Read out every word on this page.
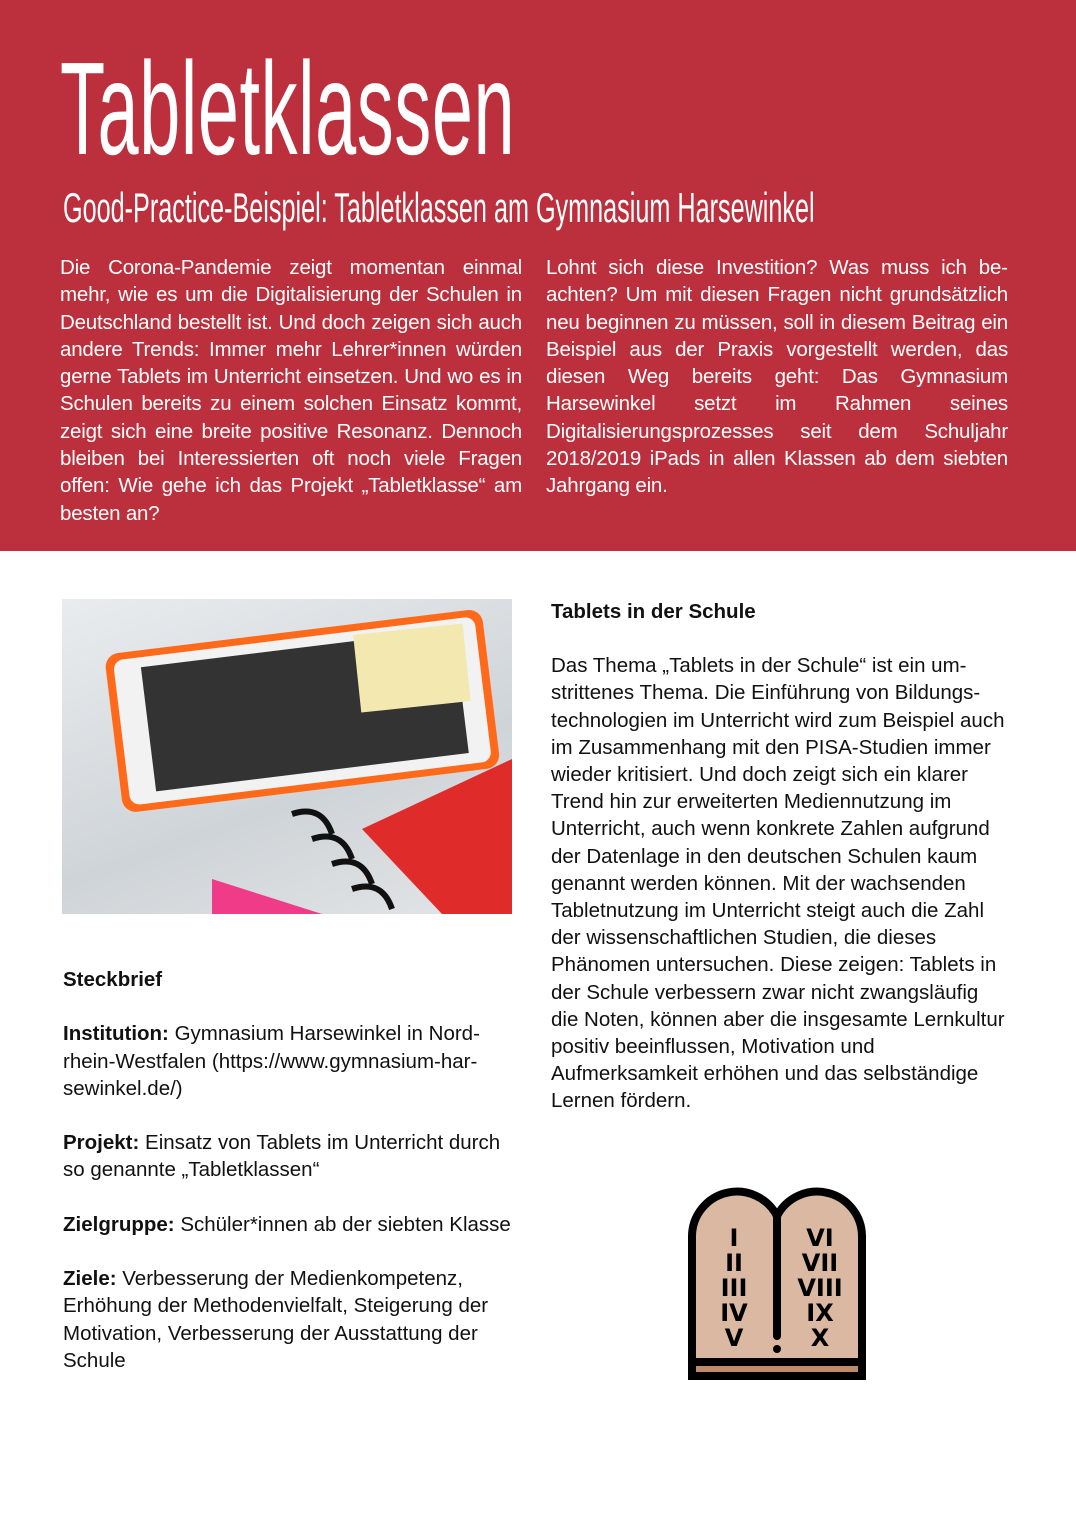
Tabletklassen
Good-Practice-Beispiel: Tabletklassen am Gymnasium Harsewinkel

Die Corona-Pandemie zeigt momentan einmal mehr, wie es um die Digitalisierung der Schulen in Deutschland bestellt ist. Und doch zeigen sich auch andere Trends: Immer mehr Lehrer*innen würden gerne Tablets im Unterricht einsetzen. Und wo es in Schulen bereits zu einem solchen Einsatz kommt, zeigt sich eine breite positive Resonanz. Dennoch bleiben bei Interessierten oft noch viele Fragen offen: Wie gehe ich das Projekt „Tabletklasse“ am besten an?

Lohnt sich diese Investition? Was muss ich beachten? Um mit diesen Fragen nicht grundsätzlich neu beginnen zu müssen, soll in diesem Beitrag ein Beispiel aus der Praxis vorgestellt werden, das diesen Weg bereits geht: Das Gymnasium Harsewinkel setzt im Rahmen seines Digitalisierungsprozesses seit dem Schuljahr 2018/2019 iPads in allen Klassen ab dem siebten Jahrgang ein.

Tablets in der Schule

Das Thema „Tablets in der Schule“ ist ein umstrittenes Thema. Die Einführung von Bildungstechnologien im Unterricht wird zum Beispiel auch im Zusammenhang mit den PISA-Studien immer wieder kritisiert. Und doch zeigt sich ein klarer Trend hin zur erweiterten Mediennutzung im Unterricht, auch wenn konkrete Zahlen aufgrund der Datenlage in den deutschen Schulen kaum genannt werden können. Mit der wachsenden Tabletnutzung im Unterricht steigt auch die Zahl der wissenschaftlichen Studien, die dieses Phänomen untersuchen. Diese zeigen: Tablets in der Schule verbessern zwar nicht zwangsläufig die Noten, können aber die insgesamte Lernkultur positiv beeinflussen, Motivation und Aufmerksamkeit erhöhen und das selbständige Lernen fördern.

Steckbrief

Institution: Gymnasium Harsewinkel in Nordrhein-Westfalen (https://www.gymnasium-harsewinkel.de/)

Projekt: Einsatz von Tablets im Unterricht durch so genannte „Tabletklassen“

Zielgruppe: Schüler*innen ab der siebten Klasse

Ziele: Verbesserung der Medienkompetenz, Erhöhung der Methodenvielfalt, Steigerung der Motivation, Verbesserung der Ausstattung der Schule

I
II
III
IV
V
VI
VII
VIII
IX
X
